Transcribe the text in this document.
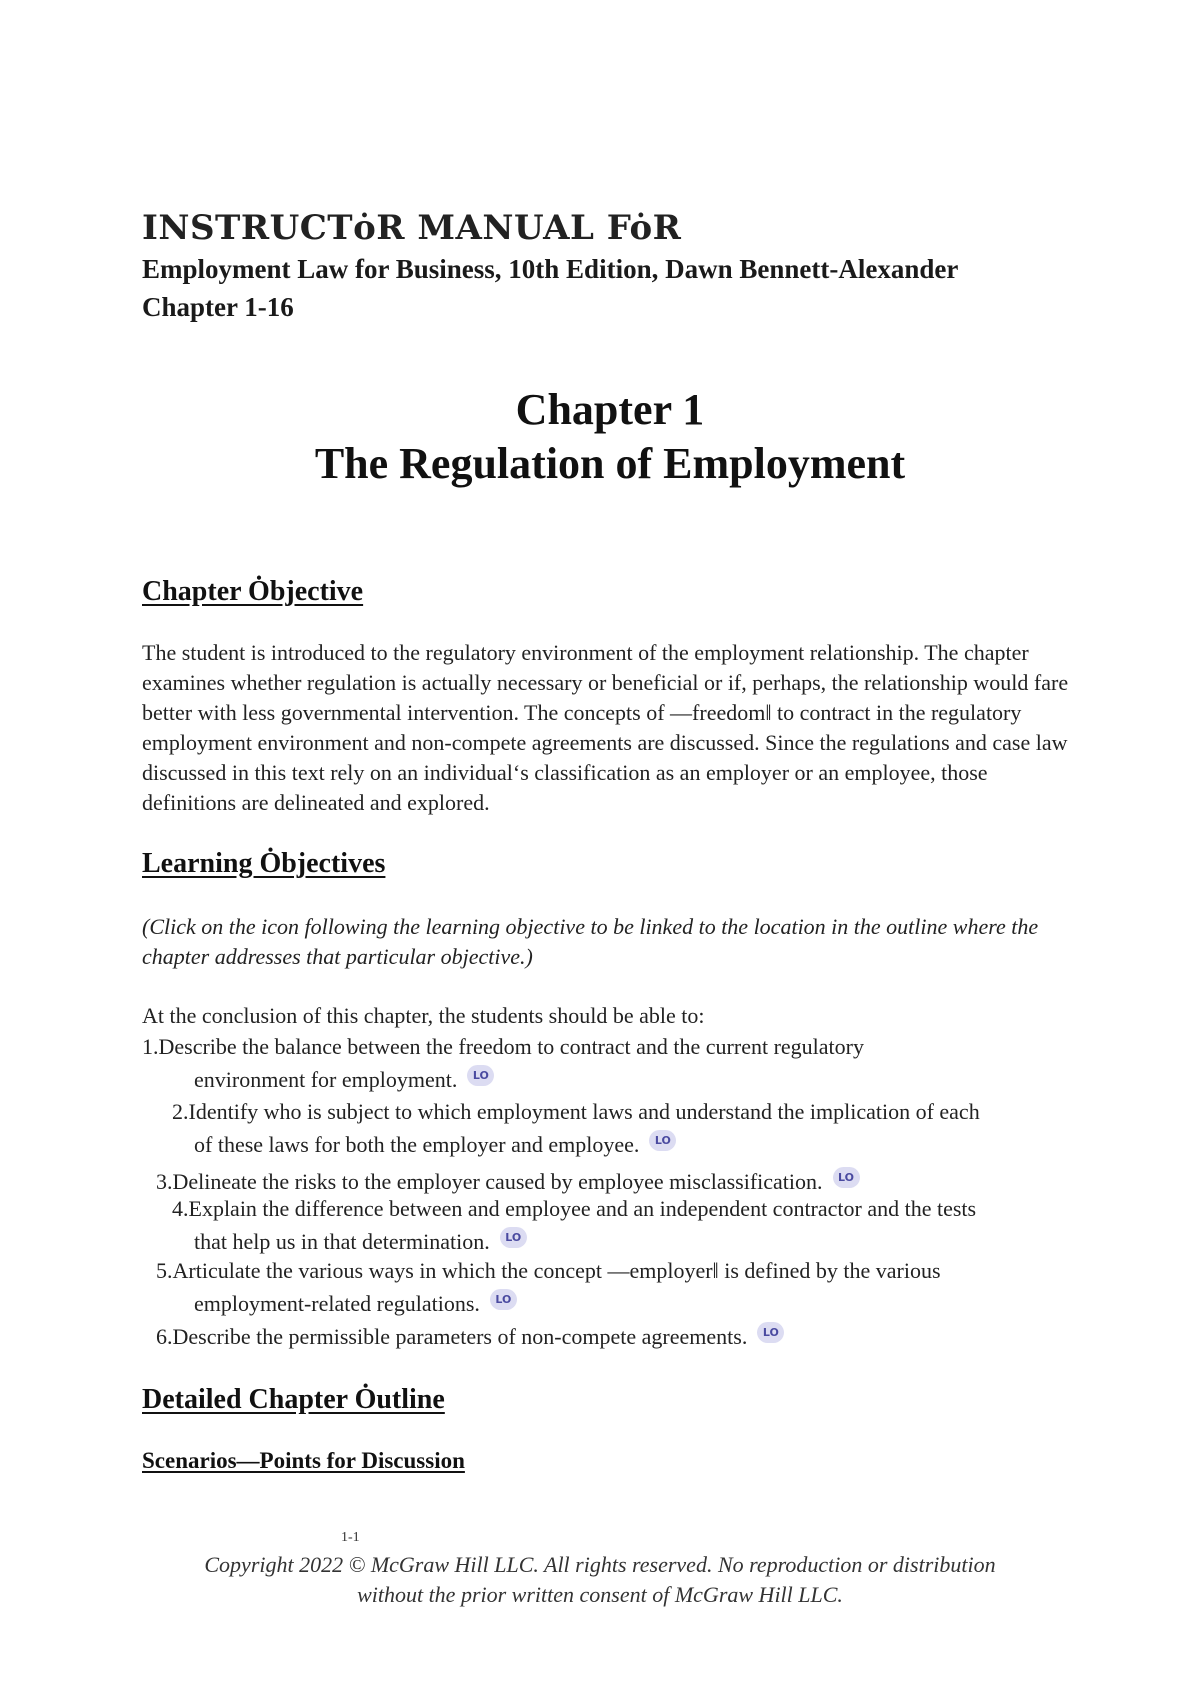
INSTRUCTȯR MANUAL FȯR

Employment Law for Business, 10th Edition, Dawn Bennett-Alexander

Chapter 1-16

Chapter 1
The Regulation of Employment
Chapter Ȯbjective

The student is introduced to the regulatory environment of the employment relationship. The chapter examines whether regulation is actually necessary or beneficial or if, perhaps, the relationship would fare better with less governmental intervention. The concepts of ―freedom‖ to contract in the regulatory employment environment and non-compete agreements are discussed. Since the regulations and case law discussed in this text rely on an individual‘s classification as an employer or an employee, those definitions are delineated and explored.

Learning Ȯbjectives

(Click on the icon following the learning objective to be linked to the location in the outline where the chapter addresses that particular objective.)

At the conclusion of this chapter, the students should be able to:

1.Describe the balance between the freedom to contract and the current regulatory
environment for employment. LO
2.Identify who is subject to which employment laws and understand the implication of each
of these laws for both the employer and employee. LO
3.Delineate the risks to the employer caused by employee misclassification. LO
4.Explain the difference between and employee and an independent contractor and the tests
that help us in that determination. LO
5.Articulate the various ways in which the concept ―employer‖ is defined by the various
employment-related regulations. LO
6.Describe the permissible parameters of non-compete agreements. LO
Detailed Chapter Ȯutline
Scenarios—Points for Discussion
1-1

Copyright 2022 © McGraw Hill LLC. All rights reserved. No reproduction or distribution
without the prior written consent of McGraw Hill LLC.
